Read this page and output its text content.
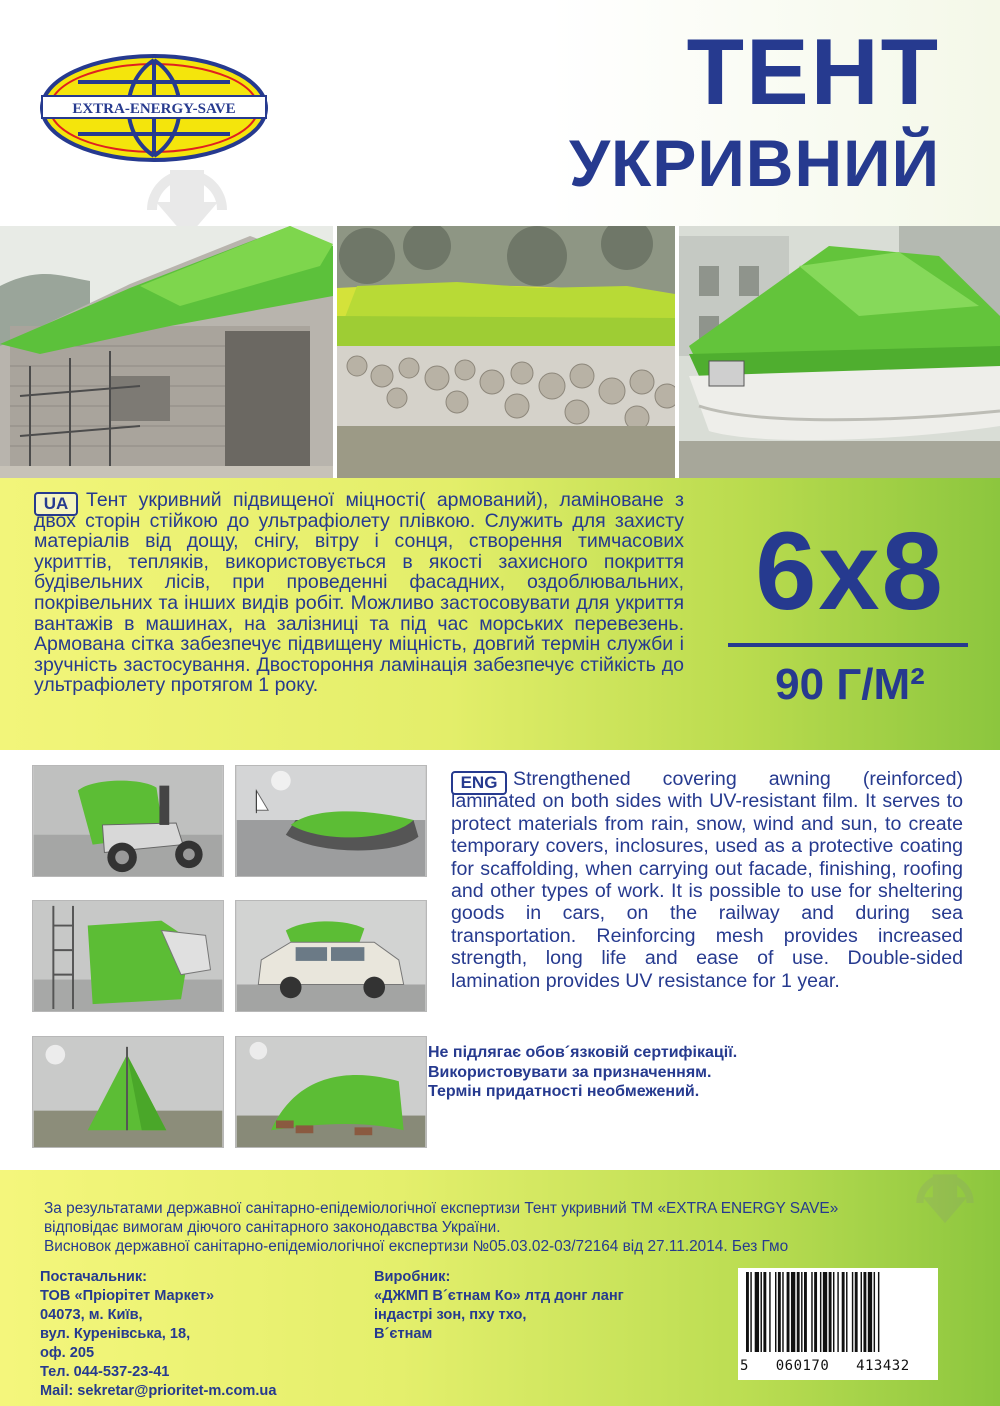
EXTRA-ENERGY-SAVE	ТЕНТ
УКРИВНИЙ
UA Тент укривний підвищеної міцності( армований), ламіноване з двох сторін стійкою до ультрафіолету плівкою. Служить для захисту матеріалів від дощу, снігу, вітру і сонця, створення тимчасових укриттів, тепляків, використовується в якості захисного покриття будівельних лісів, при проведенні фасадних, оздоблювальних, покрівельних та інших видів робіт. Можливо застосовувати для укриття вантажів в машинах, на залізниці та під час морських перевезень. Армована сітка забезпечує підвищену міцність, довгий термін служби і зручність застосування. Двостороння ламінація забезпечує стійкість до ультрафіолету протягом 1 року.

6х8
90 Г/М²
ENG Strengthened covering awning (reinforced) laminated on both sides with UV-resistant film. It serves to protect materials from rain, snow, wind and sun, to create temporary covers, inclosures, used as a protective coating for scaffolding, when carrying out facade, finishing, roofing and other types of work. It is possible to use for sheltering goods in cars, on the railway and during sea transportation. Reinforcing mesh provides increased strength, long life and ease of use. Double-sided lamination provides UV resistance for 1 year.

Не підлягає обов´язковій сертифікації.
Використовувати за призначенням.
Термін придатності необмежений.
За результатами державної санітарно-епідеміологічної експертизи Тент укривний ТМ «EXTRA ENERGY SAVE»
відповідає вимогам діючого санітарного законодавства України.
Висновок державної санітарно-епідеміологічної експертизи №05.03.02-03/72164 від 27.11.2014. Без Гмо
Постачальник:
ТОВ «Пріорітет Маркет»
04073, м. Київ,
вул. Куренівська, 18,
оф. 205
Тел. 044-537-23-41
Mail: sekretar@prioritet-m.com.ua
Виробник:
«ДЖМП В´єтнам Ко» лтд донг ланг
індастрі зон, пху тхо,
В´єтнам
5   060170   413432
